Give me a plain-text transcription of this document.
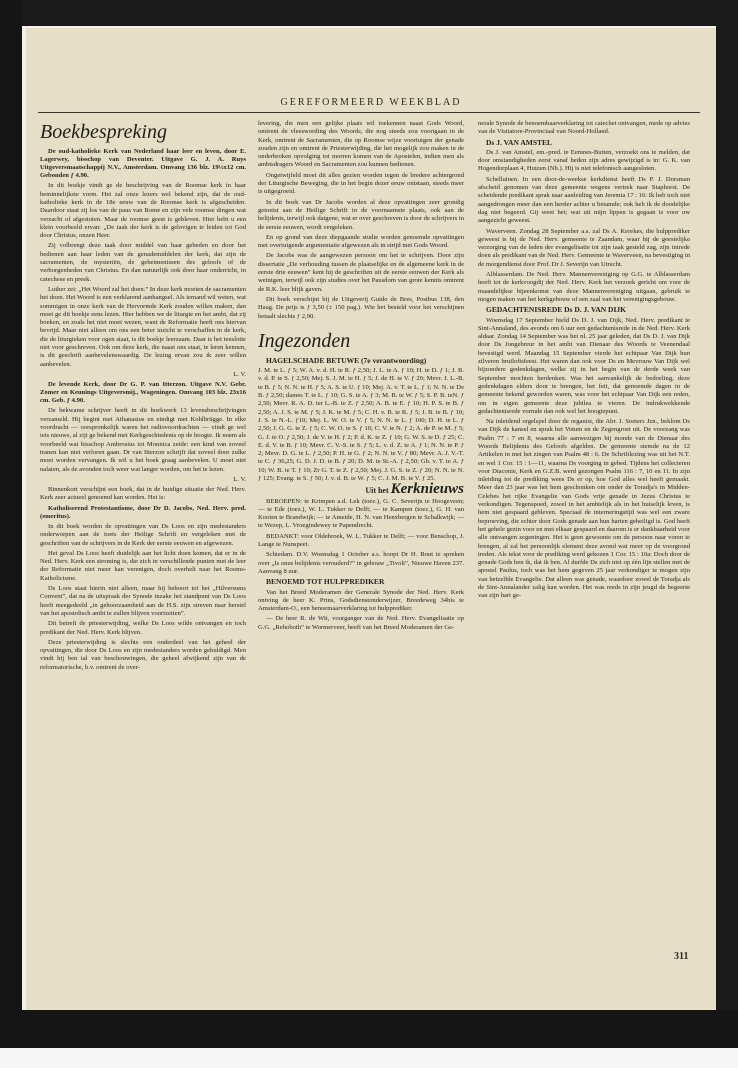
GEREFORMEERD WEEKBLAD
Boekbespreking

De oud-katholieke Kerk van Nederland haar leer en leven, door E. Lagerwey, bisschop van Deventer. Uitgave G. J. A. Ruys Uitgeversmaatschappij N.V., Amsterdam. Omvang 136 blz. 19½x12 cm. Gebonden ƒ 4.90.

In dit boekje vindt ge de beschrijving van de Roomse kerk in haar beminnelijkste vorm. Het zal onze lezers wel bekend zijn, dat de oud-katholieke kerk in de 18e eeuw van de Roomse kerk is afgescheiden. Daardoor staat zij los van de paus van Rome en zijn vele roomse dingen wat verzacht of afgestoten. Maar de roomse geest is gebleven. Hier hebt u een klein voorbeeld ervan: „De taak der kerk is de gelovigen te leiden tot God door Christus, onzen Heer.

Zij volbrengt deze taak door middel van haar gebeden en door het bedienen aan haar leden van de genademiddelen der kerk, dat zijn de sacramenten, de mysteriën, de geheimenissen des geloofs of de verborgenheden van Christus. En dan natuurlijk ook door haar onderricht, in catechese en preek.

Luther zei: „Het Woord zal het doen.” In deze kerk moeten de sacramenten het doen. Het Woord is een verklarend aanhangsel. Als iemand wil weten, wat sommigen in onze kerk van de Hervormde Kerk zouden willen maken, dan moet ge dit boekje eens lezen. Hier hebben we de liturgie en het ambt, dat zij boeken, en zoals het niet moet wezen, want de Reformatie heeft ons hiervan bevrijd. Maar niet alleen om ons een beter inzicht te verschaffen in de kerk, die de liturgieken voor ogen staat, is dit boekje leerzaam. Daar is het tenslotte niet voor geschreven. Ook om deze kerk, die naast ons staat, te leren kennen, is dit geschrift aanbevelenswaardig. De lezing ervan zou ik zeer willen aanbevelen.

L. V.

De levende Kerk, door Dr G. P. van Itterzon. Uitgave N.V. Gebr. Zomer en Keunings Uitgeversmij., Wageningen. Omvang 103 blz. 23x16 cm. Geb. ƒ 4.90.

De bekwame schrijver heeft in dit boekwerk 13 levensbeschrijvingen verzameld. Hij begint met Athanasius en eindigt met Kohlbrügge. In elke voordracht — oorspronkelijk waren het radiovoordrachten — vindt ge wel iets nieuws, al zijt ge bekend met Kerkgeschiedenis op de hoogte. Ik noem als voorbeeld wat bisschop Ambrosius tot Monnica zeide: een kind van zoveel tranen kan niet verloren gaan. Dr van Itterzon schrijft dat zoveel door zulke moet worden vervangen. Ik wil u het boek graag aanbevelen. U moet niet nalaten, als de avonden toch weer wat langer worden, om het te lezen.

L. V.

Binnenkort verschijnt een boek, dat in de huidige situatie der Ned. Herv. Kerk zeer actueel genoemd kan worden. Het is:

Katholiserend Protestantisme, door Dr D. Jacobs, Ned. Herv. pred. (emeritus).

In dit boek worden de opvattingen van Ds Loos en zijn medestanders onderworpen aan de toets der Heilige Schrift en vergeleken met de geschriften van de schrijvers in de Kerk der eerste eeuwen en afgewezen.

Het geval Ds Loos heeft duidelijk aan het licht doen komen, dat er in de Ned. Herv. Kerk een stroming is, die zich in verschillende punten met de leer der Reformatie niet meer kan verenigen, doch overhelt naar het Rooms-Katholicisme.

Ds Loos staat hierin niet alleen, maar hij behoort tot het „Hilversums Convent”, dat na de uitspraak der Synode inzake het standpunt van Ds Loos heeft meegedeeld „in gehoorzaamheid aan de H.S. zijn streven naar herstel van het apostolisch ambt te zullen blijven voortzetten”.

Dit betreft de priesterwijding, welke Ds Loos wilde ontvangen en toch predikant der Ned. Herv. Kerk blijven.

Deze priesterwijding is slechts een onderdeel van het geheel der opvattingen, die door Ds Loos en zijn medestanders worden gehuldigd. Men vindt hij ben tal van beschouwingen, die geheel afwijkend zijn van de reformatorische, b.v. omtrent de over-

levering, die men een gelijke plaats wil toekennen naast Gods Woord, omtrent de vleeswording des Woords, die nog steeds zou voortgaan in de Kerk, omtrent de Sacramenten, die op Roomse wijze voortuigen der genade zouden zijn en omtrent de Priesterwijding, die het mogelijk zou maken in de onderbroken opvolging tot morren komen van de Apostelen, indien men als ambtsdragers Woord en Sacramenten zou kunnen bedienen.

Ongetwijfeld moet dit alles gezien worden tegen de bredere achtergrond der Liturgische Beweging, die in het begin dezer eeuw ontstaan, steeds meer is uitgegroeid.

In dit boek van Dr Jacobs worden al deze opvattingen zeer grondig getoetst aan de Heilige Schrift in de voornaamste plaats, ook aan de belijdenis, terwijl ook datgene, wat er over geschreven is door de schrijvers in de eerste eeuwen, wordt vergeleken.

En op grond van deze diepgaande studie worden genoemde opvattingen met overtuigende argumentatie afgewezen als in strijd met Gods Woord.

De Jacobs was de aangewezen persoon om het te schrijven. Door zijn dissertatie „De verhouding tussen de plaatselijke en de algemeene kerk in de eerste drie eeuwen” kent hij de geschriften uit de eerste eeuwen der Kerk als weinigen, terwijl ook zijn studies over het Pausdom van grote kennis omtrent de R.K. leer blijk gaven.

Dit boek verschijnt bij de Uitgeverij Guido de Bres, Postbus 138, den Haag. De prijs is ƒ 3,50 (± 150 pag.). Wie het besteld voor het verschijnen betaalt slechts ƒ 2,90.

Ingezonden

HAGELSCHADE BETUWE (7e verantwoording)

J. M. te L. ƒ 5; W. A. v. d. H. te R. ƒ 2,50; J. L. te A. ƒ 10; H. te D. ƒ 1; J. B. v. d. P. te S. ƒ 2,50; Mej. S. J. M. te H. ƒ 5; J. de H. te V. ƒ 20; Mevr. J. L.-B. te B. ƒ 5; N. N. te H. ƒ 5; A. S. te U. ƒ 10; Mej. A. v. T. te L. ƒ 1; N. N. te De B. ƒ 2,50; dames T. te L. ƒ 10; G. S. te A. ƒ 3; M. B. te W. ƒ 5; S. P. B. teN. ƒ 2,50; Mevr. R. A. D. ter L.-B. te Z. ƒ 2,50; A. B. te E. ƒ 10; H. P. S. te B. ƒ 2,50; A. J. S. te M. ƒ 5; J. K. te M. ƒ 5; C. H. v. B. te R. ƒ 5; J. B. te B. ƒ 10; J. S. te N.-L. ƒ10; Mej. L. W. O. te V. ƒ 5; N. N. te L. ƒ 100; D. H. te L. ƒ 2,50; J. G. G. te Z. ƒ 5; C. W. O. te S. ƒ 10; C. V. te N. ƒ 2; A. de P. te M. ƒ 5; G. J. te O. ƒ 2,50; J. de V. te H. ƒ 2; P. d. K. te Z. ƒ 10; G. W. S. te D. ƒ 25; C. E. d. V. te B. ƒ 10; Mevr. C. V.-S. te S. ƒ 5; L. v. d. Z. te A. ƒ 1; N. N. te P. ƒ 2; Mevr. D. G. te L. ƒ 2,50; P. H. te G. ƒ 2; N. N. te V. ƒ 80; Mevr. A. J. V.-T. te C. ƒ 36,25; G. D. J. D. te B. ƒ 20; D. M. te St.-A. ƒ 2,50; Gb. v. T. te A. ƒ 10; W. B. te T. ƒ 10; Zr G. T. te Z. ƒ 2,50; Mej. J. G. S. te Z. ƒ 20; N. N. te N. ƒ 125; Evang. te S. ƒ 50; J. v. d. B. te W. ƒ 5; C. J. M. B. te V. ƒ 25.

Uit het Kerknieuws

BEROEPEN: te Krimpen a.d. Lek (toez.), G. C. Severijn te Hoogeveen; — te Ede (toez.), W. L. Tukker te Delft; — te Kampen (toez.), G. H. van Kooten te Brandwijk; — te Ameide, H. N. van Henxbergen te Schalkwijk; — te Wezep, L. Vroegindewey te Papendrecht.

BEDANKT: voor Oldebroek, W. L. Tukker te Delft; — voor Benschop, J. Lange te Nunspeet.

Schiedam. D.V. Woensdag 1 October a.s. hoopt Dr H. Bout te spreken over „Is onze belijdenis verouderd?” in gebouw „Tivoli”, Nieuwe Haven 237. Aanvang 8 uur.

BENOEMD TOT HULPPREDIKER

Van het Breed Moderamen der Generale Synode der Ned. Herv. Kerk ontving de heer K. Prins, Godsdienstonderwijzer, Breedeweg 34bis te Amsterdam-O., een benoemaarverklaring tot hulpprediker.

— De heer R. de Wit, voorganger van de Ned. Herv. Evangelisatie op G.G. „Rehoboth” te Wormerveer, heeft van het Breed Moderamen der Ge-

nerale Synode de benoembaarverklaring tot catechet ontvangen, mede op advies van de Visitatore-Provinciaal van Noord-Holland.

Ds J. VAN AMSTEL

Ds J. van Amstel, em.-pred. te Eemnes-Buiten, verzoekt ons te melden, dat door omstandigheden eerst vanaf heden zijn adres gewijzigd is in: G. K. van Hogendorplaan 4, Huizen (Nh.). Hij is niet telefonisch aangesloten.

Schelluinen. In een door-de-weekse kerkdienst heeft Ds P. J. Dorsman afscheid genomen van deze gemeente wegens vertrek naar Staphorst. De scheidende predikant sprak naar aanleiding van Jeremia 17 : 16: Ik heb toch niet aangedrongen meer dan een herder achter u betamde; ook heb ik de doodelijke dag niet begeerd. Gij weet het; wat uit mijn lippen is gegaan is voor uw aangezicht geweest.

Waverveen. Zondag 28 September a.s. zal Ds A. Kerekes, die hulpprediker geweest is bij de Ned. Herv. gemeente te Zaandam, waar hij de geestelijke verzorging van de leden der evangelisatie tot zijn taak gesteld zag, zijn intrede doen als predikant van de Ned. Herv. Gemeente te Waverveen, na bevestiging in de morgendienst door Prof. Dr J. Severijn van Utrecht.

Alblasserdam. De Ned. Herv. Mannenvereniging op G.G. te Alblasserdam heeft tot de kerkvoogdij der Ned. Herv. Kerk het verzoek gericht om voor de maandelijkse bijeenkomst van deze Mannenvereniging uitgaan, gebruik te mogen maken van het kerkgebouw of een zaal van het verenigingsgebouw.

GEDACHTENISREDE Ds D. J. VAN DIJK

Woensdag 17 September hield Ds D. J. van Dijk, Ned. Herv. predikant te Sint-Annaland, des avonds om 6 uur een gedachtenisrede in de Ned. Herv. Kerk aldaar. Zondag 14 September was het nl. 25 jaar geleden, dat Ds D. J. van Dijk door Ds Jongebreur in het ambt van Dienaar des Woords te Veenendaal bevestigd werd. Maandag 15 September vierde het echtpaar Van Dijk hun zilveren bruiloftsfeest. Het waren dan ook voor Ds en Mevrouw Van Dijk wel bijzondere gedenkdagen, welke zij in het begin van de derde week van September mochten herdenken. Was het aanvankelijk de bedoeling, deze gedenkdagen elders door te brengen, het feit, dat genoemde dagen in de gemeente bekend geworden waren, was voor het echtpaar Van Dijk een reden, om in eigen gemeente deze jubilea te vieren. De indrukwekkende gedachtenisrede vormde dan ook wel het hoogtepunt.

Na inleidend orgelspel door de organist, die Abr. J. Soeters Jzn., beklom Ds van Dijk de kansel en sprak het Votum en de Zegengroet uit. De voorzang was Psalm 77 : 7 en 8, waarna alle aanwezigen bij monde van de Dienaar des Woords Belijdenis des Geloofs afgelden. De gemeente stemde na de 12 Artikelen in met het zingen van Psalm 48 : 6. De Schriftlezing was uit het N.T. en wel 1 Cor. 15 : 1—11, waarna Ds voorging in gebed. Tijdens het collecteren voor Diaconie, Kerk en G.Z.B. werd gezongen Psalm 116 : 7, 10 en 11. In zijn inleiding tot de prediking wees Ds er op, hoe God alles wel heeft gemaakt. Meer dan 23 jaar was het hem geschonken om onder de Toradja's in Midden-Celebes het rijke Evangelie van Gods vrije genade in Jezus Christus te verkondigen. Tegenspoed, zowel in het ambtelijk als in het huiselijk leven, is hem niet gespaard gebleven. Speciaal de interneringstijd was wel een zware beproeving, die echter door Gods genade aan hun harten geheiligd is. God heeft het gehele gezin voor en met elkaar gespaard en daarom is er dankbaarheid voor alle ontvangen zegeningen. Het is geen gewoonte om de persoon naar voren te brengen, al zal het persoonlijk element deze avond wat meer op de voorgrond treden. Als tekst voor de prediking werd gekozen 1 Cor. 15 : 10a: Doch door de genade Gods ben ik, dat ik ben. Al durfde Ds zich niet op één lijn stellen met de apostel Paulus, toch was het hem gegeven 25 jaar verkondiger te mogen zijn van hetzelfde Evangelie. Dat alleen was genade, waardoor zowel de Toradja als de Sint-Annalander zalig kan worden. Het was reeds in zijn jeugd de begeerte van zijn hart ge-

311
